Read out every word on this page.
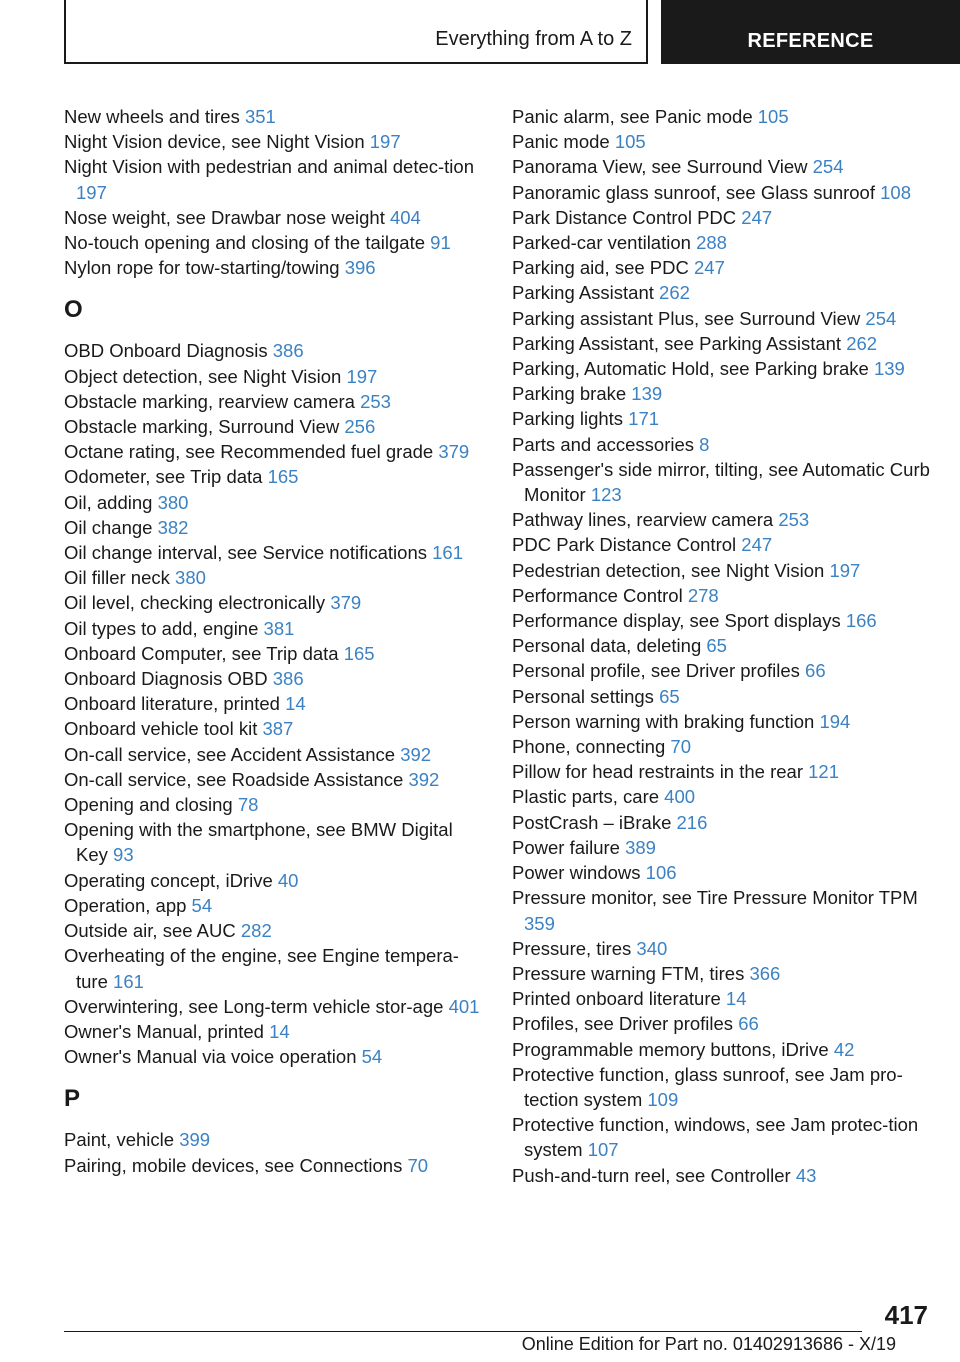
Everything from A to Z	REFERENCE
New wheels and tires 351
Night Vision device, see Night Vision 197
Night Vision with pedestrian and animal detec‐tion 197
Nose weight, see Drawbar nose weight 404
No-touch opening and closing of the tailgate 91
Nylon rope for tow-starting/towing 396
O
OBD Onboard Diagnosis 386
Object detection, see Night Vision 197
Obstacle marking, rearview camera 253
Obstacle marking, Surround View 256
Octane rating, see Recommended fuel grade 379
Odometer, see Trip data 165
Oil, adding 380
Oil change 382
Oil change interval, see Service notifications 161
Oil filler neck 380
Oil level, checking electronically 379
Oil types to add, engine 381
Onboard Computer, see Trip data 165
Onboard Diagnosis OBD 386
Onboard literature, printed 14
Onboard vehicle tool kit 387
On-call service, see Accident Assistance 392
On-call service, see Roadside Assistance 392
Opening and closing 78
Opening with the smartphone, see BMW Digital Key 93
Operating concept, iDrive 40
Operation, app 54
Outside air, see AUC 282
Overheating of the engine, see Engine tempera‐ture 161
Overwintering, see Long-term vehicle stor‐age 401
Owner's Manual, printed 14
Owner's Manual via voice operation 54
P
Paint, vehicle 399
Pairing, mobile devices, see Connections 70
Panic alarm, see Panic mode 105
Panic mode 105
Panorama View, see Surround View 254
Panoramic glass sunroof, see Glass sunroof 108
Park Distance Control PDC 247
Parked-car ventilation 288
Parking aid, see PDC 247
Parking Assistant 262
Parking assistant Plus, see Surround View 254
Parking Assistant, see Parking Assistant 262
Parking, Automatic Hold, see Parking brake 139
Parking brake 139
Parking lights 171
Parts and accessories 8
Passenger's side mirror, tilting, see Automatic Curb Monitor 123
Pathway lines, rearview camera 253
PDC Park Distance Control 247
Pedestrian detection, see Night Vision 197
Performance Control 278
Performance display, see Sport displays 166
Personal data, deleting 65
Personal profile, see Driver profiles 66
Personal settings 65
Person warning with braking function 194
Phone, connecting 70
Pillow for head restraints in the rear 121
Plastic parts, care 400
PostCrash – iBrake 216
Power failure 389
Power windows 106
Pressure monitor, see Tire Pressure Monitor TPM 359
Pressure, tires 340
Pressure warning FTM, tires 366
Printed onboard literature 14
Profiles, see Driver profiles 66
Programmable memory buttons, iDrive 42
Protective function, glass sunroof, see Jam pro‐tection system 109
Protective function, windows, see Jam protec‐tion system 107
Push-and-turn reel, see Controller 43
417
Online Edition for Part no. 01402913686 - X/19
